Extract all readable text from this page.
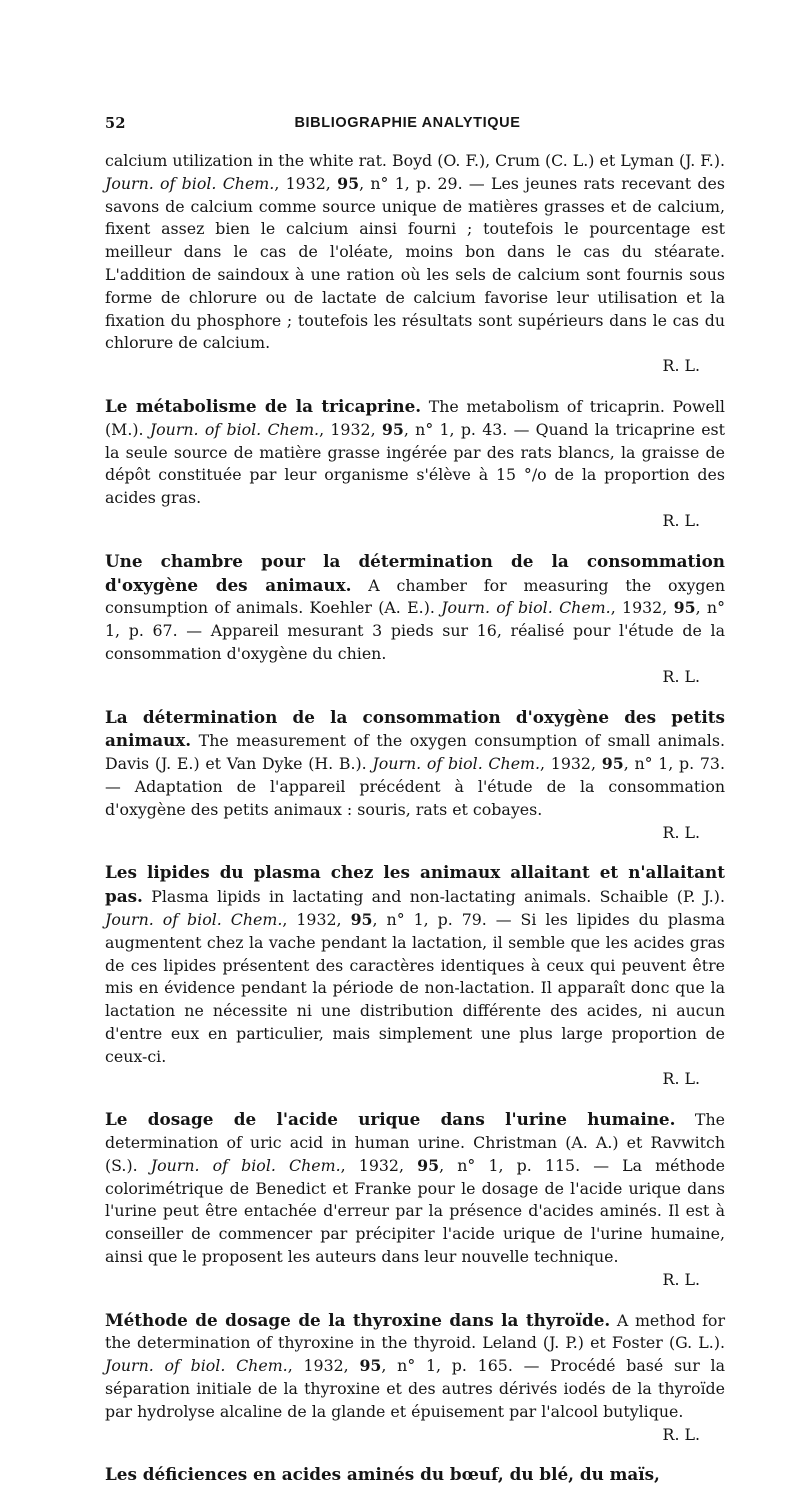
52	BIBLIOGRAPHIE ANALYTIQUE

calcium utilization in the white rat. Boyd (O. F.), Crum (C. L.) et Lyman (J. F.). Journ. of biol. Chem., 1932, 95, n° 1, p. 29. — Les jeunes rats recevant des savons de calcium comme source unique de matières grasses et de calcium, fixent assez bien le calcium ainsi fourni ; toutefois le pourcentage est meilleur dans le cas de l'oléate, moins bon dans le cas du stéarate. L'addition de saindoux à une ration où les sels de calcium sont fournis sous forme de chlorure ou de lactate de calcium favorise leur utilisation et la fixation du phosphore ; toutefois les résultats sont supérieurs dans le cas du chlorure de calcium.

R. L.

Le métabolisme de la tricaprine. The metabolism of tricaprin. Powell (M.). Journ. of biol. Chem., 1932, 95, n° 1, p. 43. — Quand la tricaprine est la seule source de matière grasse ingérée par des rats blancs, la graisse de dépôt constituée par leur organisme s'élève à 15 °/o de la proportion des acides gras.

R. L.

Une chambre pour la détermination de la consommation d'oxygène des animaux. A chamber for measuring the oxygen consumption of animals. Koehler (A. E.). Journ. of biol. Chem., 1932, 95, n° 1, p. 67. — Appareil mesurant 3 pieds sur 16, réalisé pour l'étude de la consommation d'oxygène du chien.

R. L.

La détermination de la consommation d'oxygène des petits animaux. The measurement of the oxygen consumption of small animals. Davis (J. E.) et Van Dyke (H. B.). Journ. of biol. Chem., 1932, 95, n° 1, p. 73. — Adaptation de l'appareil précédent à l'étude de la consommation d'oxygène des petits animaux : souris, rats et cobayes.

R. L.

Les lipides du plasma chez les animaux allaitant et n'allaitant pas. Plasma lipids in lactating and non-lactating animals. Schaible (P. J.). Journ. of biol. Chem., 1932, 95, n° 1, p. 79. — Si les lipides du plasma augmentent chez la vache pendant la lactation, il semble que les acides gras de ces lipides présentent des caractères identiques à ceux qui peuvent être mis en évidence pendant la période de non-lactation. Il apparaît donc que la lactation ne nécessite ni une distribution différente des acides, ni aucun d'entre eux en particulier, mais simplement une plus large proportion de ceux-ci.

R. L.

Le dosage de l'acide urique dans l'urine humaine. The determination of uric acid in human urine. Christman (A. A.) et Ravwitch (S.). Journ. of biol. Chem., 1932, 95, n° 1, p. 115. — La méthode colorimétrique de Benedict et Franke pour le dosage de l'acide urique dans l'urine peut être entachée d'erreur par la présence d'acides aminés. Il est à conseiller de commencer par précipiter l'acide urique de l'urine humaine, ainsi que le proposent les auteurs dans leur nouvelle technique.

R. L.

Méthode de dosage de la thyroxine dans la thyroïde. A method for the determination of thyroxine in the thyroid. Leland (J. P.) et Foster (G. L.). Journ. of biol. Chem., 1932, 95, n° 1, p. 165. — Procédé basé sur la séparation initiale de la thyroxine et des autres dérivés iodés de la thyroïde par hydrolyse alcaline de la glande et épuisement par l'alcool butylique.

R. L.

Les déficiences en acides aminés du bœuf, du blé, du maïs,
